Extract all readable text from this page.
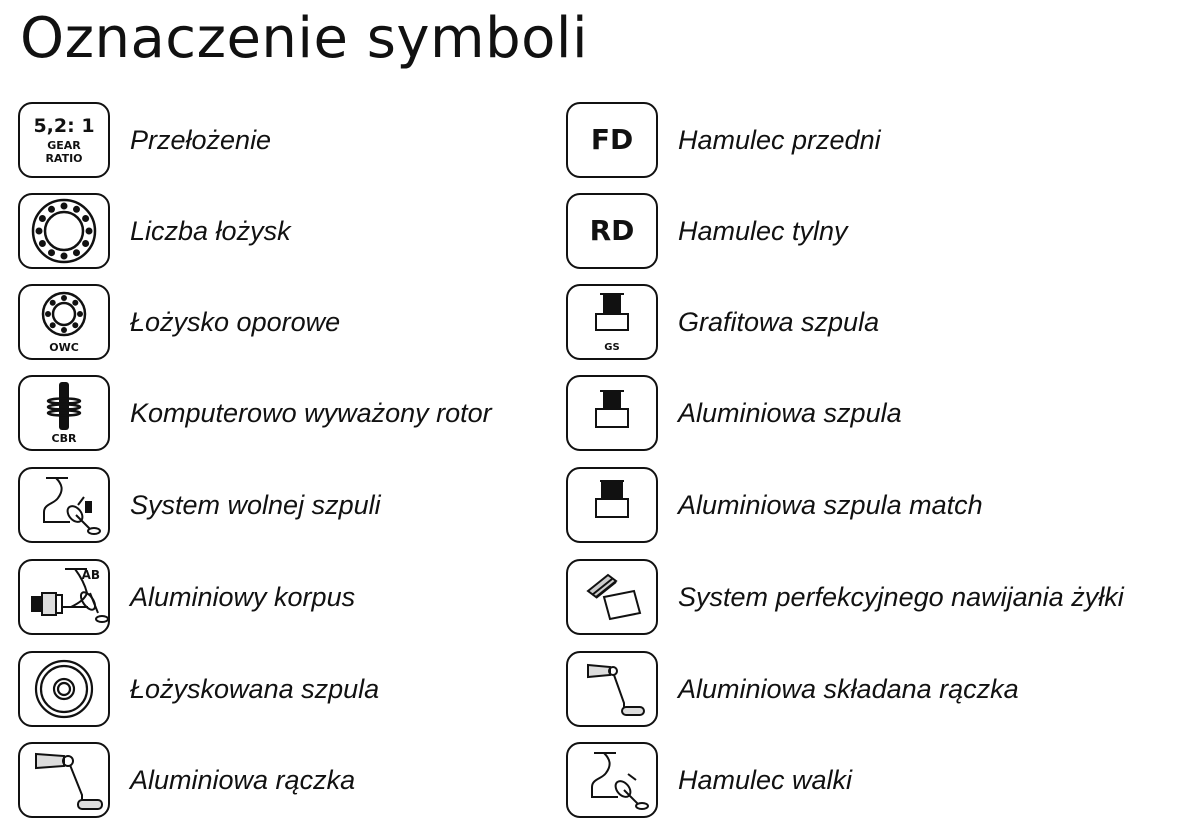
Oznaczenie symboli
5,2: 1
GEAR
RATIO
Przełożenie
Liczba łożysk
OWC
Łożysko oporowe
CBR
Komputerowo wyważony rotor
System wolnej szpuli
AB
Aluminiowy korpus
Łożyskowana szpula
Aluminiowa rączka
FD Hamulec przedni
RD Hamulec tylny
GS
Grafitowa szpula
Aluminiowa szpula
Aluminiowa szpula match
System perfekcyjnego nawijania żyłki
Aluminiowa składana rączka
Hamulec walki
